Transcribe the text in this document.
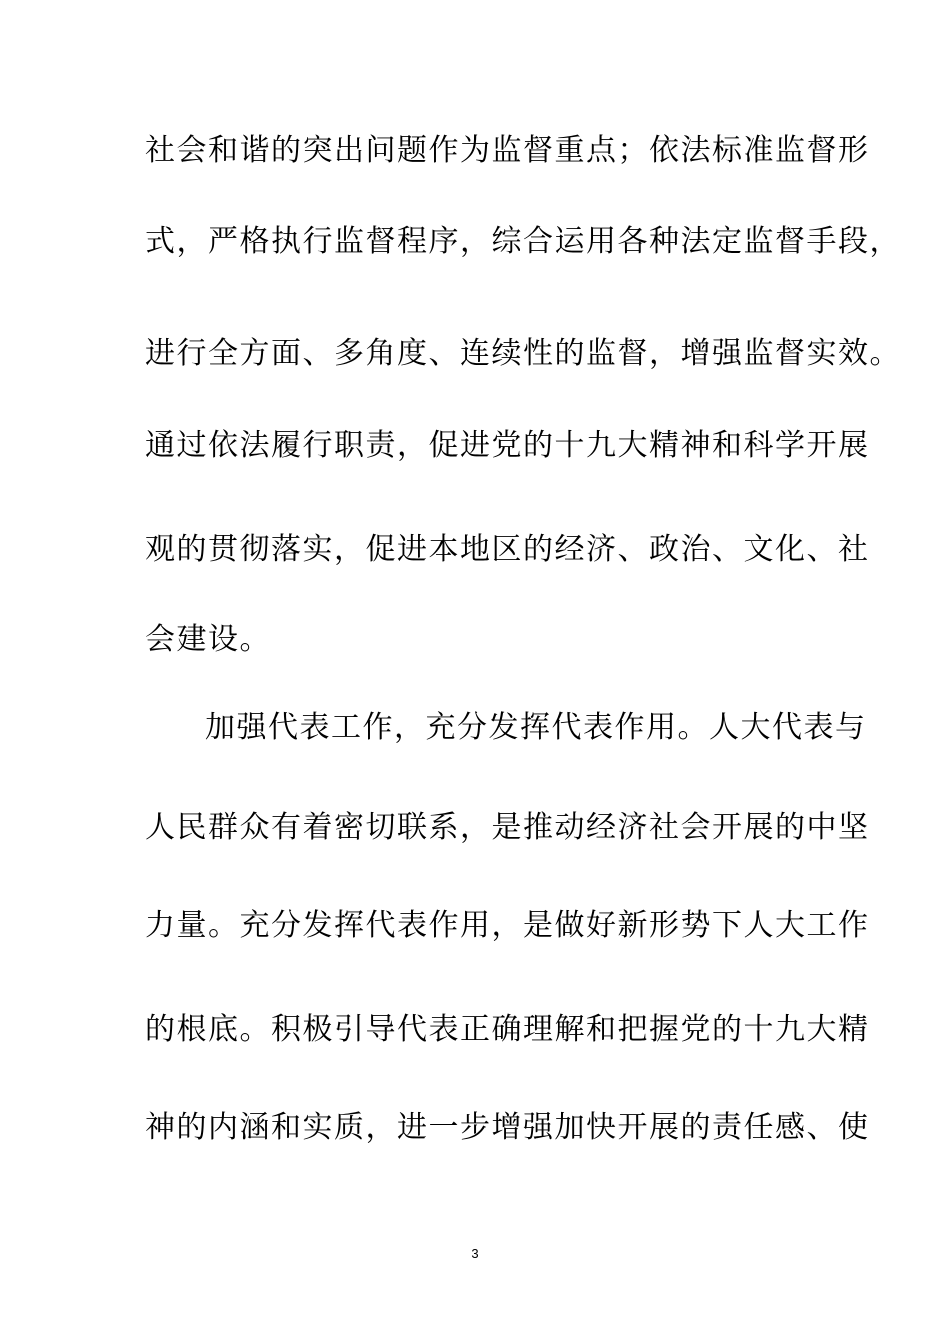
社会和谐的突出问题作为监督重点；依法标准监督形

式，严格执行监督程序，综合运用各种法定监督手段，

进行全方面、多角度、连续性的监督，增强监督实效。

通过依法履行职责，促进党的十九大精神和科学开展

观的贯彻落实，促进本地区的经济、政治、文化、社

会建设。

加强代表工作，充分发挥代表作用。人大代表与

人民群众有着密切联系，是推动经济社会开展的中坚

力量。充分发挥代表作用，是做好新形势下人大工作

的根底。积极引导代表正确理解和把握党的十九大精

神的内涵和实质，进一步增强加快开展的责任感、使

3
